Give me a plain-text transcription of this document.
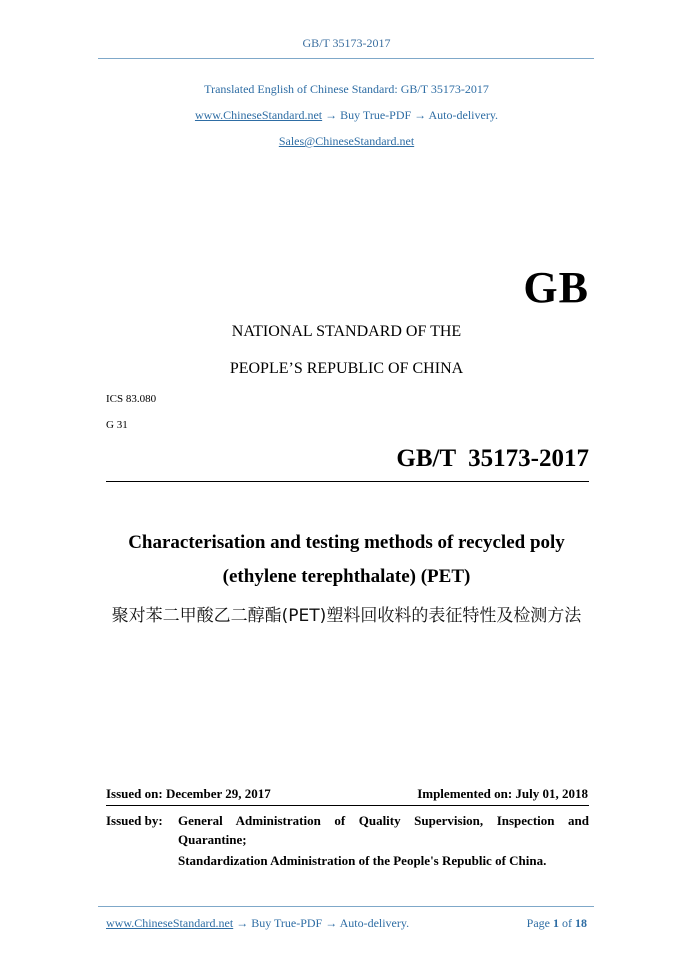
GB/T 35173-2017
Translated English of Chinese Standard: GB/T 35173-2017
www.ChineseStandard.net → Buy True-PDF → Auto-delivery.
Sales@ChineseStandard.net
GB
NATIONAL STANDARD OF THE
PEOPLE’S REPUBLIC OF CHINA
ICS 83.080
G 31
GB/T  35173-2017
Characterisation and testing methods of recycled poly
(ethylene terephthalate) (PET)
聚对苯二甲酸乙二醇酯(PET)塑料回收料的表征特性及检测方法
Issued on: December 29, 2017	Implemented on: July 01, 2018
Issued by: General Administration of Quality Supervision, Inspection and
Quarantine;
Standardization Administration of the People's Republic of China.
www.ChineseStandard.net → Buy True-PDF → Auto-delivery.	Page 1 of 18
